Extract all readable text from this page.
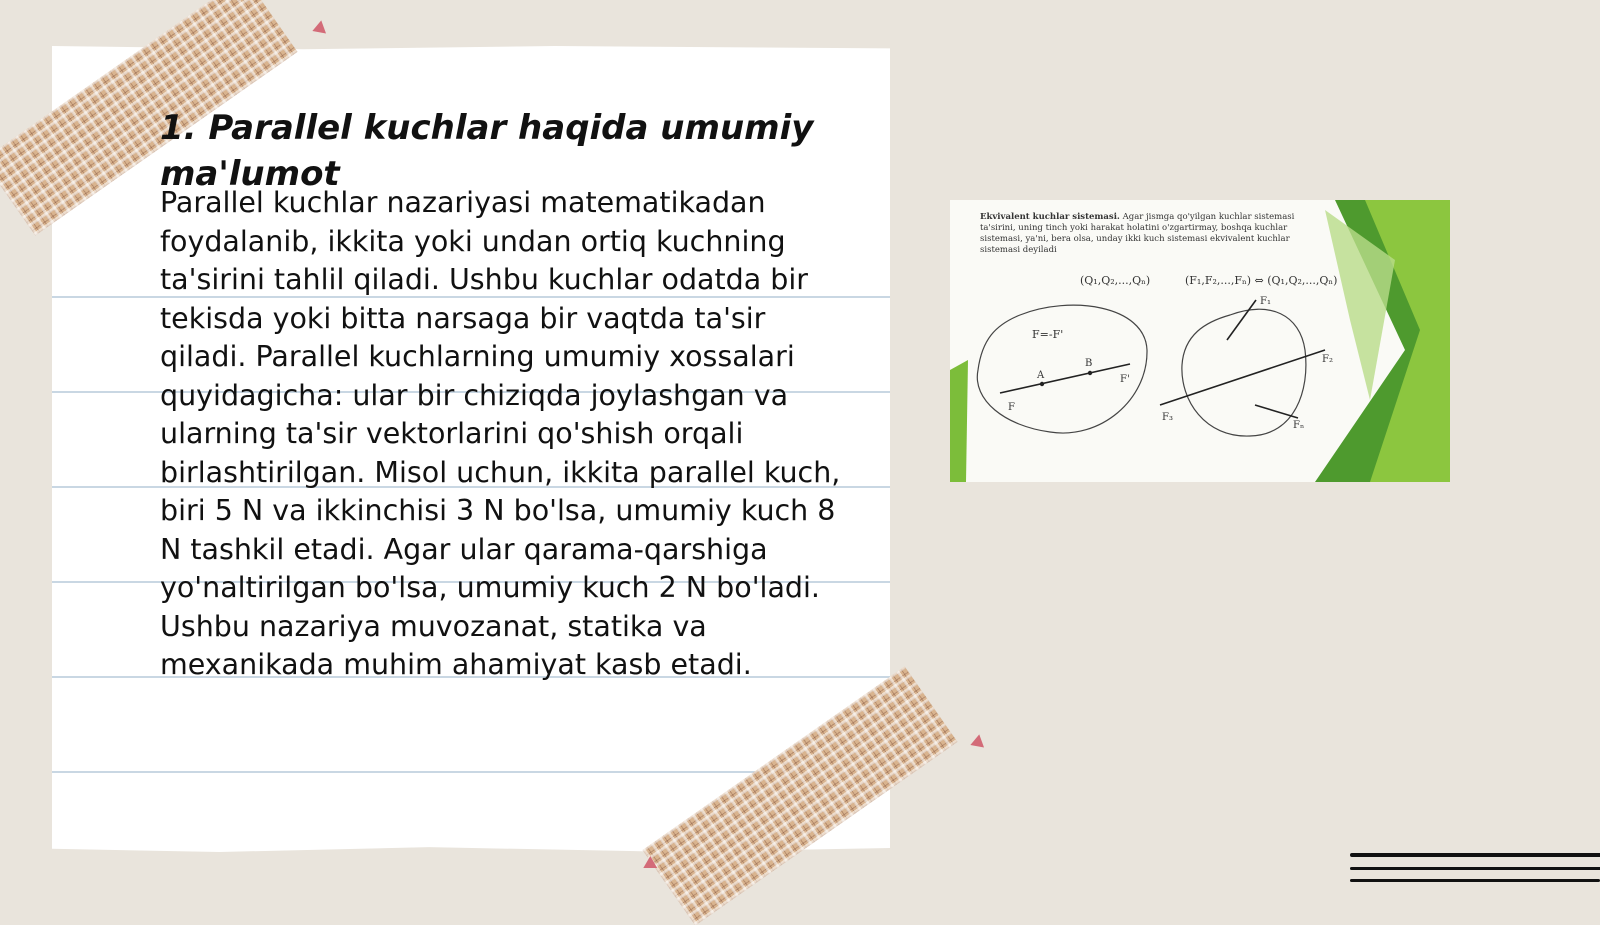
1. Parallel kuchlar haqida umumiy ma'lumot

Parallel kuchlar nazariyasi matematikadan foydalanib, ikkita yoki undan ortiq kuchning ta'sirini tahlil qiladi. Ushbu kuchlar odatda bir tekisda yoki bitta narsaga bir vaqtda ta'sir qiladi. Parallel kuchlarning umumiy xossalari quyidagicha: ular bir chiziqda joylashgan va ularning ta'sir vektorlarini qo'shish orqali birlashtirilgan. Misol uchun, ikkita parallel kuch, biri 5 N va ikkinchisi 3 N bo'lsa, umumiy kuch 8 N tashkil etadi. Agar ular qarama-qarshiga yo'naltirilgan bo'lsa, umumiy kuch 2 N bo'ladi. Ushbu nazariya muvozanat, statika va mexanikada muhim ahamiyat kasb etadi.

F=-F'
A
B
F
F'
F₁
F₂
F₃
Fₙ
(Q₁,Q₂,...,Qₙ)	(F₁,F₂,...,Fₙ) ⇔ (Q₁,Q₂,...,Qₙ)
Ekvivalent kuchlar sistemasi. Agar jismga qo'yilgan kuchlar sistemasi ta'sirini, uning tinch yoki harakat holatini o'zgartirmay, boshqa kuchlar sistemasi, ya'ni, bera olsa, unday ikki kuch sistemasi ekvivalent kuchlar sistemasi deyiladi
